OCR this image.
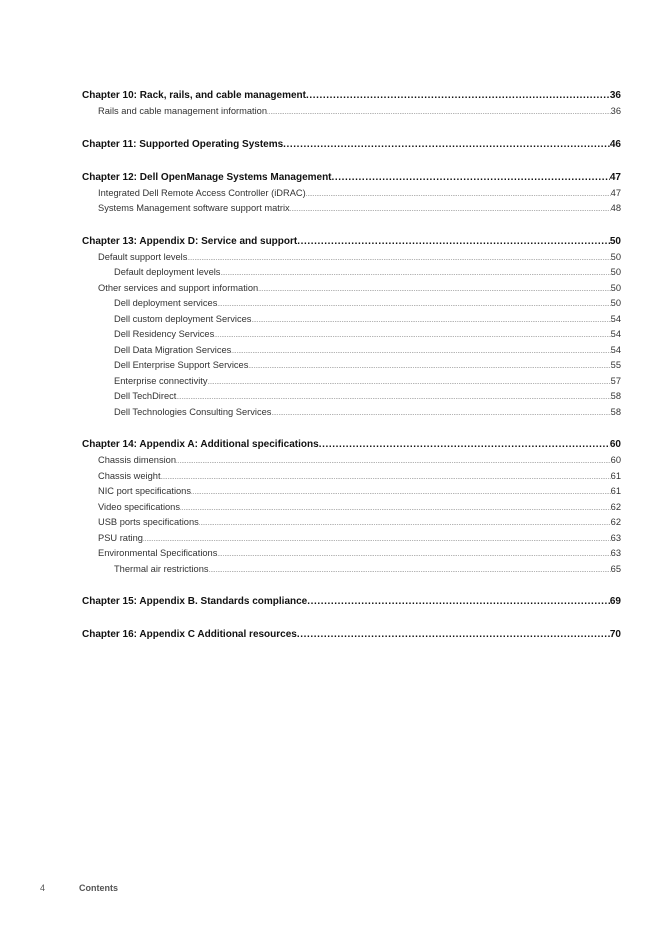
Chapter 10: Rack, rails, and cable management .....	36
Rails and cable management information .....	36
Chapter 11: Supported Operating Systems .....	46
Chapter 12: Dell OpenManage Systems Management .....	47
Integrated Dell Remote Access Controller (iDRAC) .....	47
Systems Management software support matrix .....	48
Chapter 13: Appendix D: Service and support .....	50
Default support levels .....	50
Default deployment levels .....	50
Other services and support information .....	50
Dell deployment services .....	50
Dell custom deployment Services .....	54
Dell Residency Services .....	54
Dell Data Migration Services .....	54
Dell Enterprise Support Services .....	55
Enterprise connectivity .....	57
Dell TechDirect .....	58
Dell Technologies Consulting Services .....	58
Chapter 14: Appendix A: Additional specifications .....	60
Chassis dimension .....	60
Chassis weight .....	61
NIC port specifications .....	61
Video specifications .....	62
USB ports specifications .....	62
PSU rating .....	63
Environmental Specifications .....	63
Thermal air restrictions .....	65
Chapter 15: Appendix B. Standards compliance .....	69
Chapter 16: Appendix C Additional resources .....	70
4	Contents
